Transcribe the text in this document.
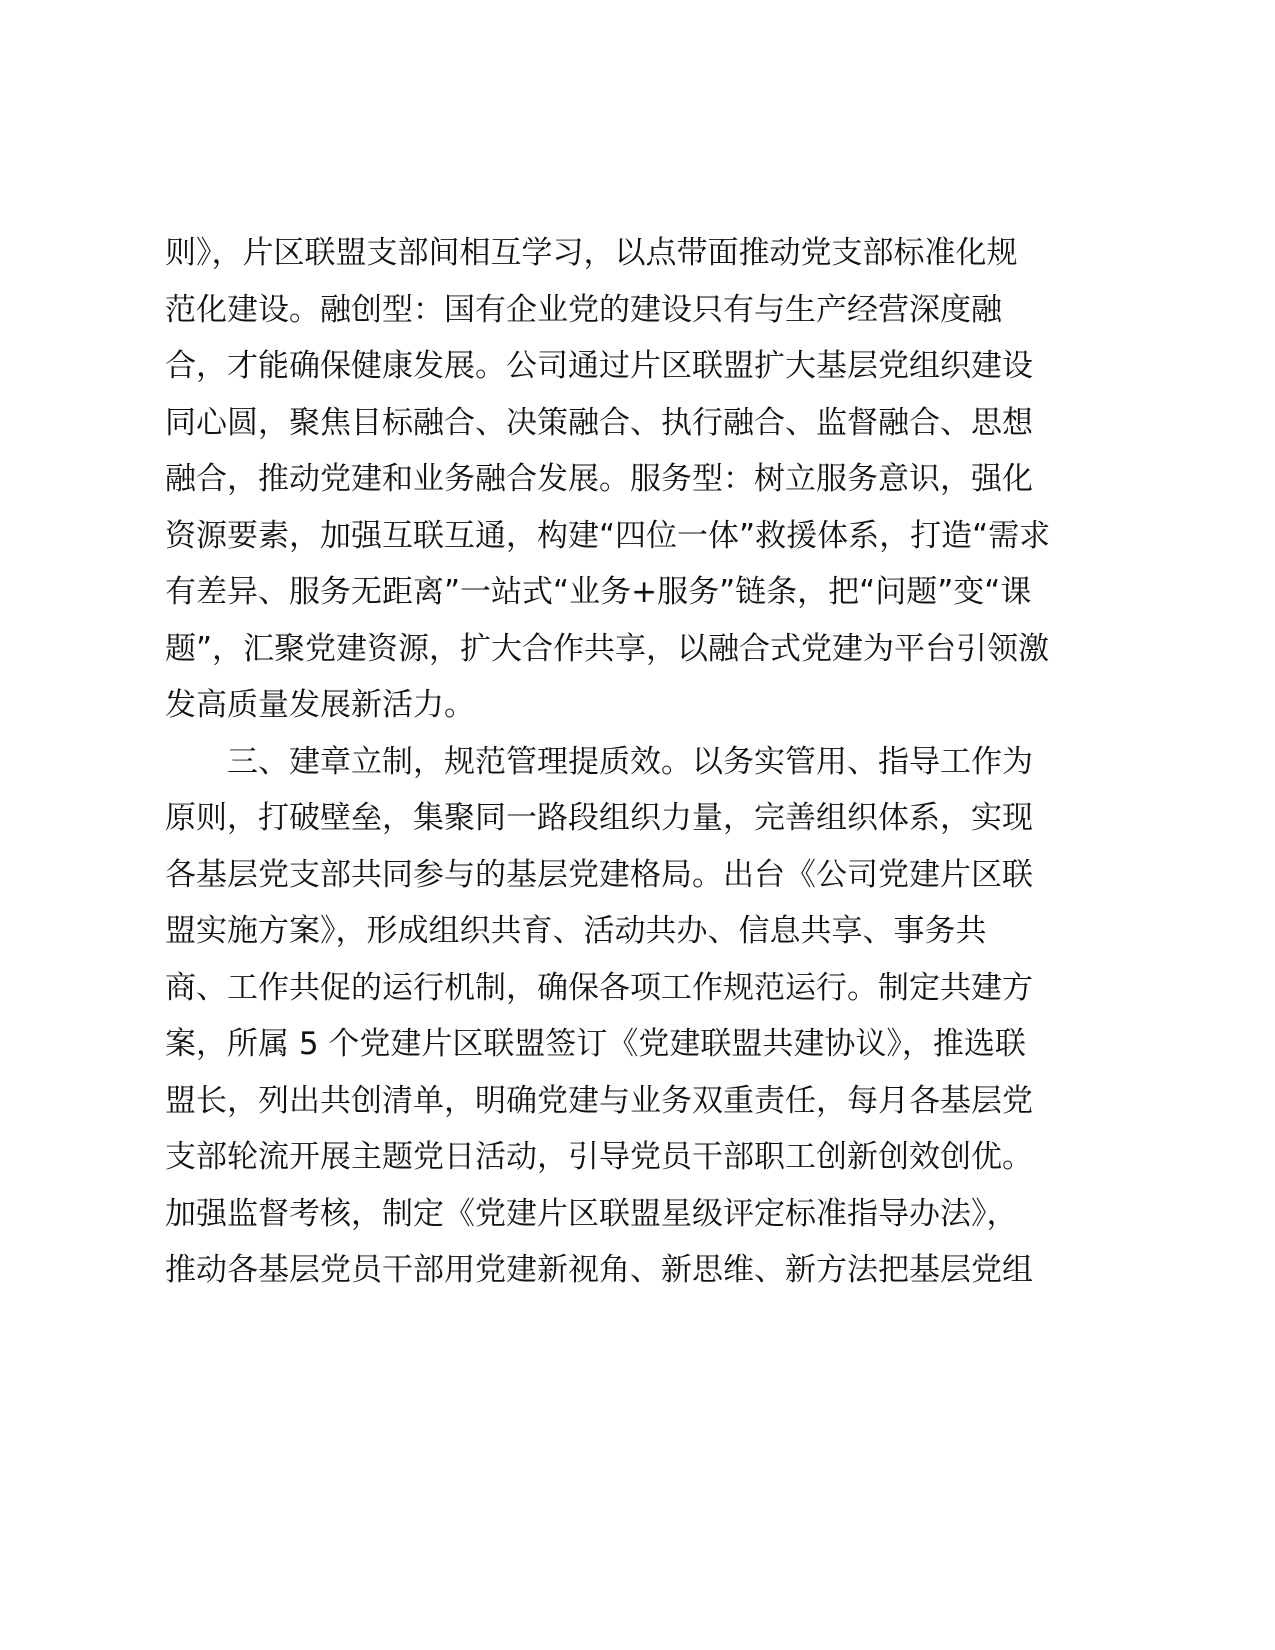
则》，片区联盟支部间相互学习，以点带面推动党支部标准化规
范化建设。融创型：国有企业党的建设只有与生产经营深度融
合，才能确保健康发展。公司通过片区联盟扩大基层党组织建设
同心圆，聚焦目标融合、决策融合、执行融合、监督融合、思想
融合，推动党建和业务融合发展。服务型：树立服务意识，强化
资源要素，加强互联互通，构建“四位一体”救援体系，打造“需求
有差异、服务无距离”一站式“业务+服务”链条，把“问题”变“课
题”，汇聚党建资源，扩大合作共享，以融合式党建为平台引领激
发高质量发展新活力。
三、建章立制，规范管理提质效。以务实管用、指导工作为
原则，打破壁垒，集聚同一路段组织力量，完善组织体系，实现
各基层党支部共同参与的基层党建格局。出台《公司党建片区联
盟实施方案》，形成组织共育、活动共办、信息共享、事务共
商、工作共促的运行机制，确保各项工作规范运行。制定共建方
案，所属 5 个党建片区联盟签订《党建联盟共建协议》，推选联
盟长，列出共创清单，明确党建与业务双重责任，每月各基层党
支部轮流开展主题党日活动，引导党员干部职工创新创效创优。
加强监督考核，制定《党建片区联盟星级评定标准指导办法》，
推动各基层党员干部用党建新视角、新思维、新方法把基层党组
